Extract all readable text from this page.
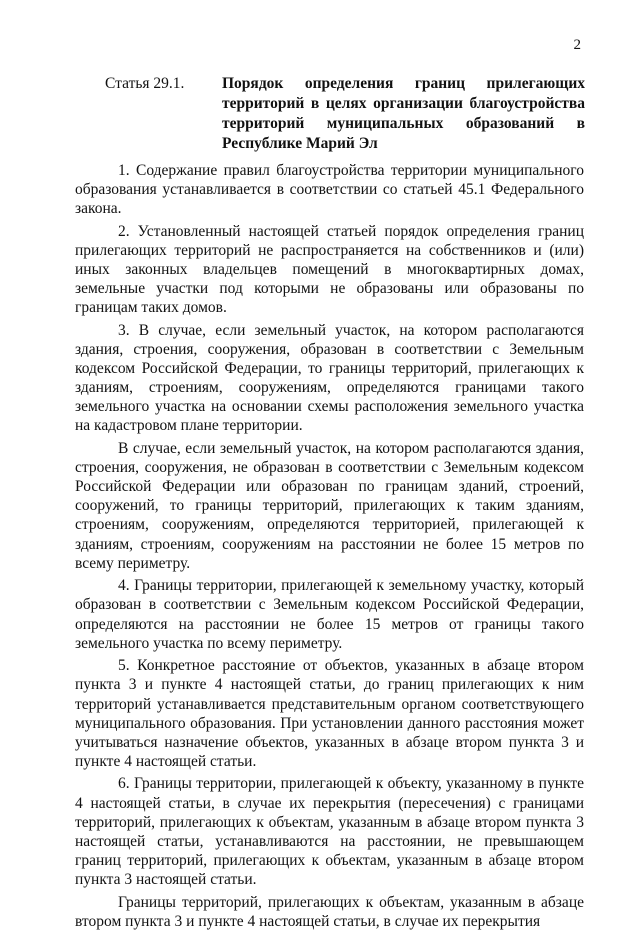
2
Статья 29.1.	Порядок определения границ прилегающих территорий в целях организации благоустройства территорий муниципальных образований в Республике Марий Эл

1. Содержание правил благоустройства территории муниципального образования устанавливается в соответствии со статьей 45.1 Федерального закона.

2. Установленный настоящей статьей порядок определения границ прилегающих территорий не распространяется на собственников и (или) иных законных владельцев помещений в многоквартирных домах, земельные участки под которыми не образованы или образованы по границам таких домов.

3. В случае, если земельный участок, на котором располагаются здания, строения, сооружения, образован в соответствии с Земельным кодексом Российской Федерации, то границы территорий, прилегающих к зданиям, строениям, сооружениям, определяются границами такого земельного участка на основании схемы расположения земельного участка на кадастровом плане территории.

В случае, если земельный участок, на котором располагаются здания, строения, сооружения, не образован в соответствии с Земельным кодексом Российской Федерации или образован по границам зданий, строений, сооружений, то границы территорий, прилегающих к таким зданиям, строениям, сооружениям, определяются территорией, прилегающей к зданиям, строениям, сооружениям на расстоянии не более 15 метров по всему периметру.

4. Границы территории, прилегающей к земельному участку, который образован в соответствии с Земельным кодексом Российской Федерации, определяются на расстоянии не более 15 метров от границы такого земельного участка по всему периметру.

5. Конкретное расстояние от объектов, указанных в абзаце втором пункта 3 и пункте 4 настоящей статьи, до границ прилегающих к ним территорий устанавливается представительным органом соответствующего муниципального образования. При установлении данного расстояния может учитываться назначение объектов, указанных в абзаце втором пункта 3 и пункте 4 настоящей статьи.

6. Границы территории, прилегающей к объекту, указанному в пункте 4 настоящей статьи, в случае их перекрытия (пересечения) с границами территорий, прилегающих к объектам, указанным в абзаце втором пункта 3 настоящей статьи, устанавливаются на расстоянии, не превышающем границ территорий, прилегающих к объектам, указанным в абзаце втором пункта 3 настоящей статьи.

Границы территорий, прилегающих к объектам, указанным в абзаце втором пункта 3 и пункте 4 настоящей статьи, в случае их перекрытия
